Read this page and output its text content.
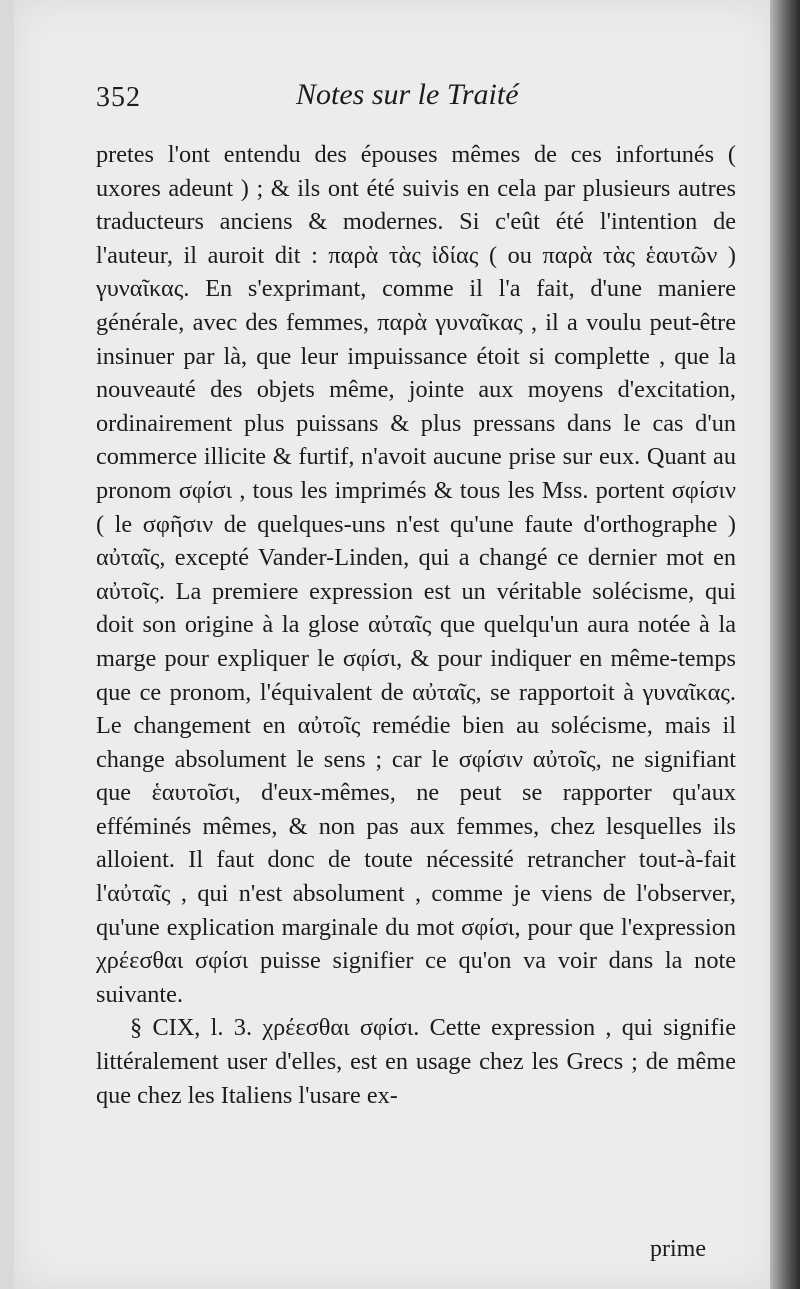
352	Notes sur le Traité

pretes l'ont entendu des épouses mêmes de ces infortunés ( uxores adeunt ) ; & ils ont été suivis en cela par plusieurs autres traducteurs anciens & modernes. Si c'eût été l'intention de l'auteur, il auroit dit : παρὰ τὰς ἰδίας ( ou παρὰ τὰς ἑαυτῶν ) γυναῖκας. En s'exprimant, comme il l'a fait, d'une maniere générale, avec des femmes, παρὰ γυναῖκας , il a voulu peut-être insinuer par là, que leur impuissance étoit si complette , que la nouveauté des objets même, jointe aux moyens d'excitation, ordinairement plus puissans & plus pressans dans le cas d'un commerce illicite & furtif, n'avoit aucune prise sur eux. Quant au pronom σφίσι , tous les imprimés & tous les Mss. portent σφίσιν ( le σφῆσιν de quelques-uns n'est qu'une faute d'orthographe ) αὐταῖς, excepté Vander-Linden, qui a changé ce dernier mot en αὐτοῖς. La premiere expression est un véritable solécisme, qui doit son origine à la glose αὐταῖς que quelqu'un aura notée à la marge pour expliquer le σφίσι, & pour indiquer en même-temps que ce pronom, l'équivalent de αὐταῖς, se rapportoit à γυναῖκας. Le changement en αὐτοῖς remédie bien au solécisme, mais il change absolument le sens ; car le σφίσιν αὐτοῖς, ne signifiant que ἑαυτοῖσι, d'eux-mêmes, ne peut se rapporter qu'aux efféminés mêmes, & non pas aux femmes, chez lesquelles ils alloient. Il faut donc de toute nécessité retrancher tout-à-fait l'αὐταῖς , qui n'est absolument , comme je viens de l'observer, qu'une explication marginale du mot σφίσι, pour que l'expression χρέεσθαι σφίσι puisse signifier ce qu'on va voir dans la note suivante.

§ CIX, l. 3. χρέεσθαι σφίσι. Cette expression , qui signifie littéralement user d'elles, est en usage chez les Grecs ; de même que chez les Italiens l'usare ex-

prime
